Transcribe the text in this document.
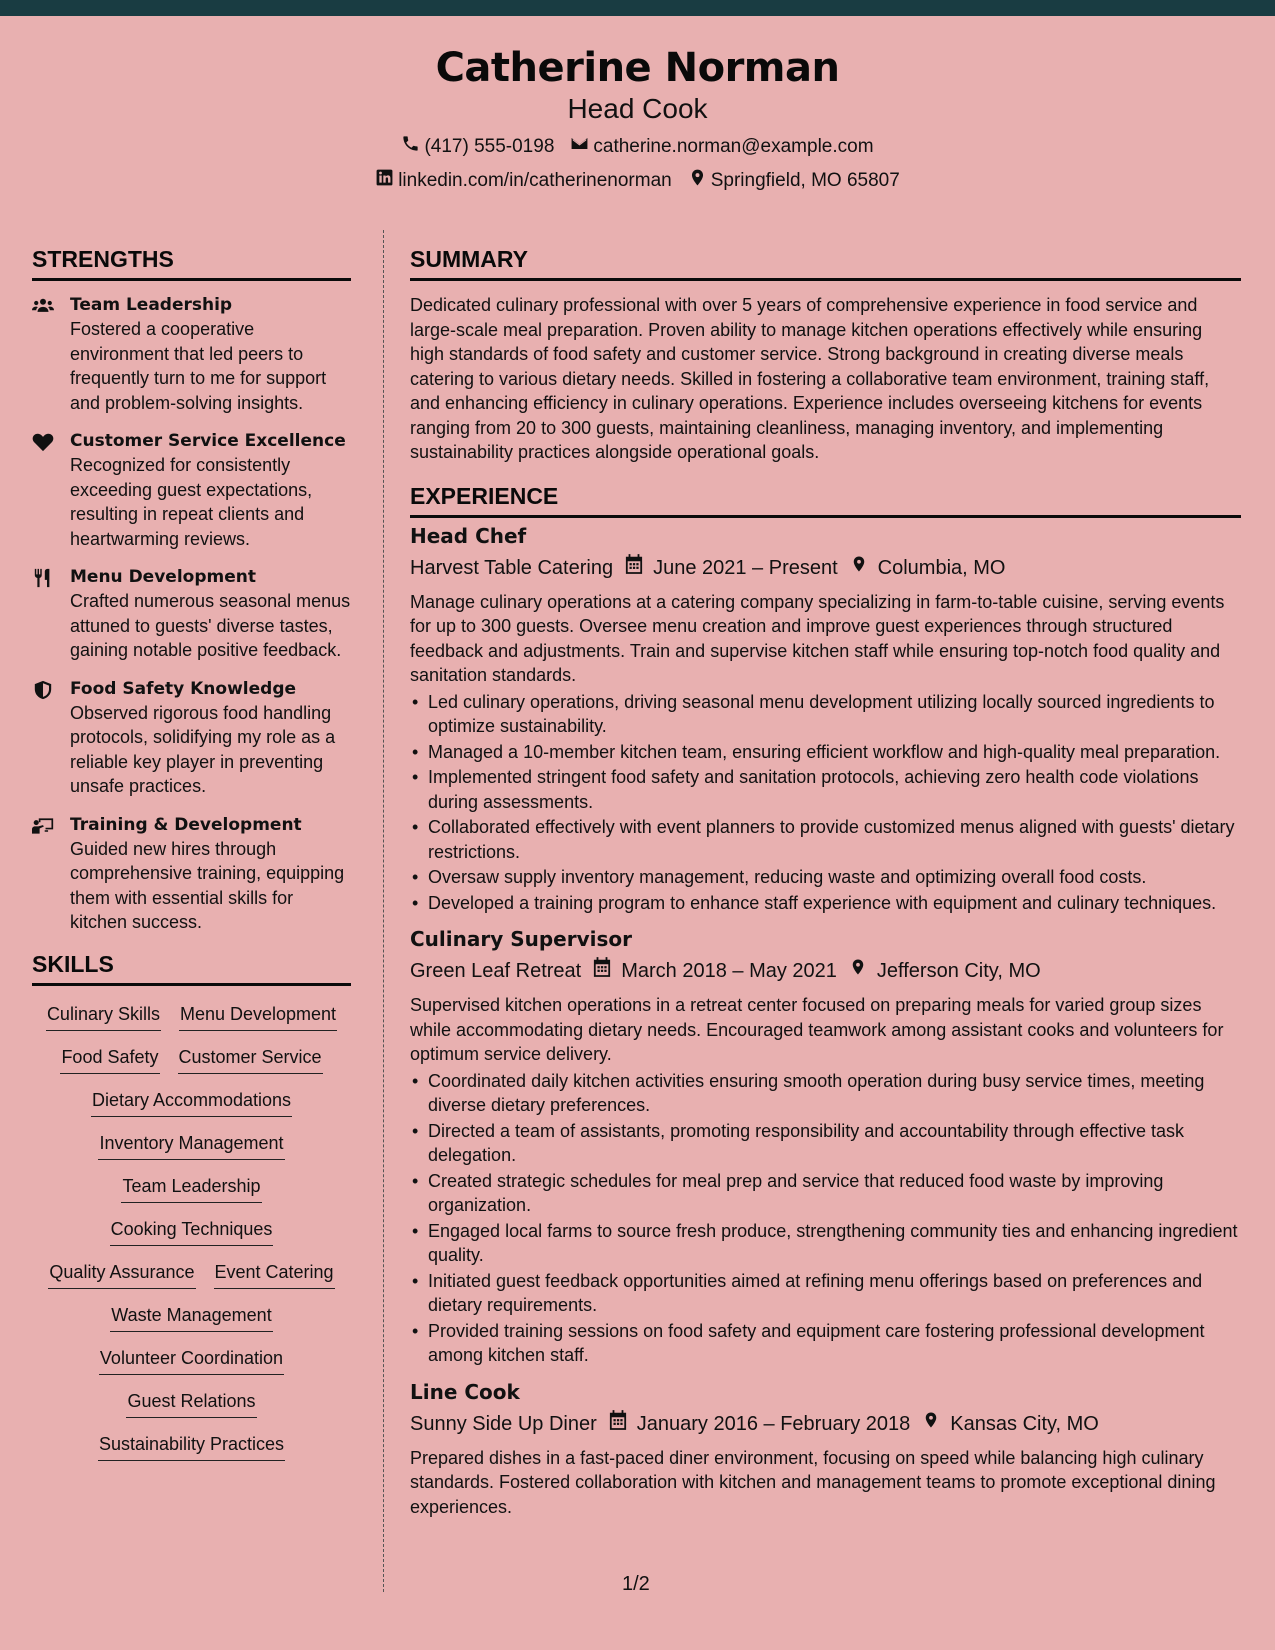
Catherine Norman
Head Cook
(417) 555-0198 catherine.norman@example.com
linkedin.com/in/catherinenorman Springfield, MO 65807
STRENGTHS
Team Leadership
Fostered a cooperative environment that led peers to frequently turn to me for support and problem-solving insights.
Customer Service Excellence
Recognized for consistently exceeding guest expectations, resulting in repeat clients and heartwarming reviews.
Menu Development
Crafted numerous seasonal menus attuned to guests' diverse tastes, gaining notable positive feedback.
Food Safety Knowledge
Observed rigorous food handling protocols, solidifying my role as a reliable key player in preventing unsafe practices.
Training & Development
Guided new hires through comprehensive training, equipping them with essential skills for kitchen success.
SKILLS
Culinary Skills Menu Development
Food Safety Customer Service
Dietary Accommodations
Inventory Management
Team Leadership
Cooking Techniques
Quality Assurance Event Catering
Waste Management
Volunteer Coordination
Guest Relations
Sustainability Practices
SUMMARY
Dedicated culinary professional with over 5 years of comprehensive experience in food service and large-scale meal preparation. Proven ability to manage kitchen operations effectively while ensuring high standards of food safety and customer service. Strong background in creating diverse meals catering to various dietary needs. Skilled in fostering a collaborative team environment, training staff, and enhancing efficiency in culinary operations. Experience includes overseeing kitchens for events ranging from 20 to 300 guests, maintaining cleanliness, managing inventory, and implementing sustainability practices alongside operational goals.
EXPERIENCE
Head Chef
Harvest Table Catering June 2021 – Present Columbia, MO
Manage culinary operations at a catering company specializing in farm-to-table cuisine, serving events for up to 300 guests. Oversee menu creation and improve guest experiences through structured feedback and adjustments. Train and supervise kitchen staff while ensuring top-notch food quality and sanitation standards.
• Led culinary operations, driving seasonal menu development utilizing locally sourced ingredients to optimize sustainability.
• Managed a 10-member kitchen team, ensuring efficient workflow and high-quality meal preparation.
• Implemented stringent food safety and sanitation protocols, achieving zero health code violations during assessments.
• Collaborated effectively with event planners to provide customized menus aligned with guests' dietary restrictions.
• Oversaw supply inventory management, reducing waste and optimizing overall food costs.
• Developed a training program to enhance staff experience with equipment and culinary techniques.
Culinary Supervisor
Green Leaf Retreat March 2018 – May 2021 Jefferson City, MO
Supervised kitchen operations in a retreat center focused on preparing meals for varied group sizes while accommodating dietary needs. Encouraged teamwork among assistant cooks and volunteers for optimum service delivery.
• Coordinated daily kitchen activities ensuring smooth operation during busy service times, meeting diverse dietary preferences.
• Directed a team of assistants, promoting responsibility and accountability through effective task delegation.
• Created strategic schedules for meal prep and service that reduced food waste by improving organization.
• Engaged local farms to source fresh produce, strengthening community ties and enhancing ingredient quality.
• Initiated guest feedback opportunities aimed at refining menu offerings based on preferences and dietary requirements.
• Provided training sessions on food safety and equipment care fostering professional development among kitchen staff.
Line Cook
Sunny Side Up Diner January 2016 – February 2018 Kansas City, MO
Prepared dishes in a fast-paced diner environment, focusing on speed while balancing high culinary standards. Fostered collaboration with kitchen and management teams to promote exceptional dining experiences.
1/2
